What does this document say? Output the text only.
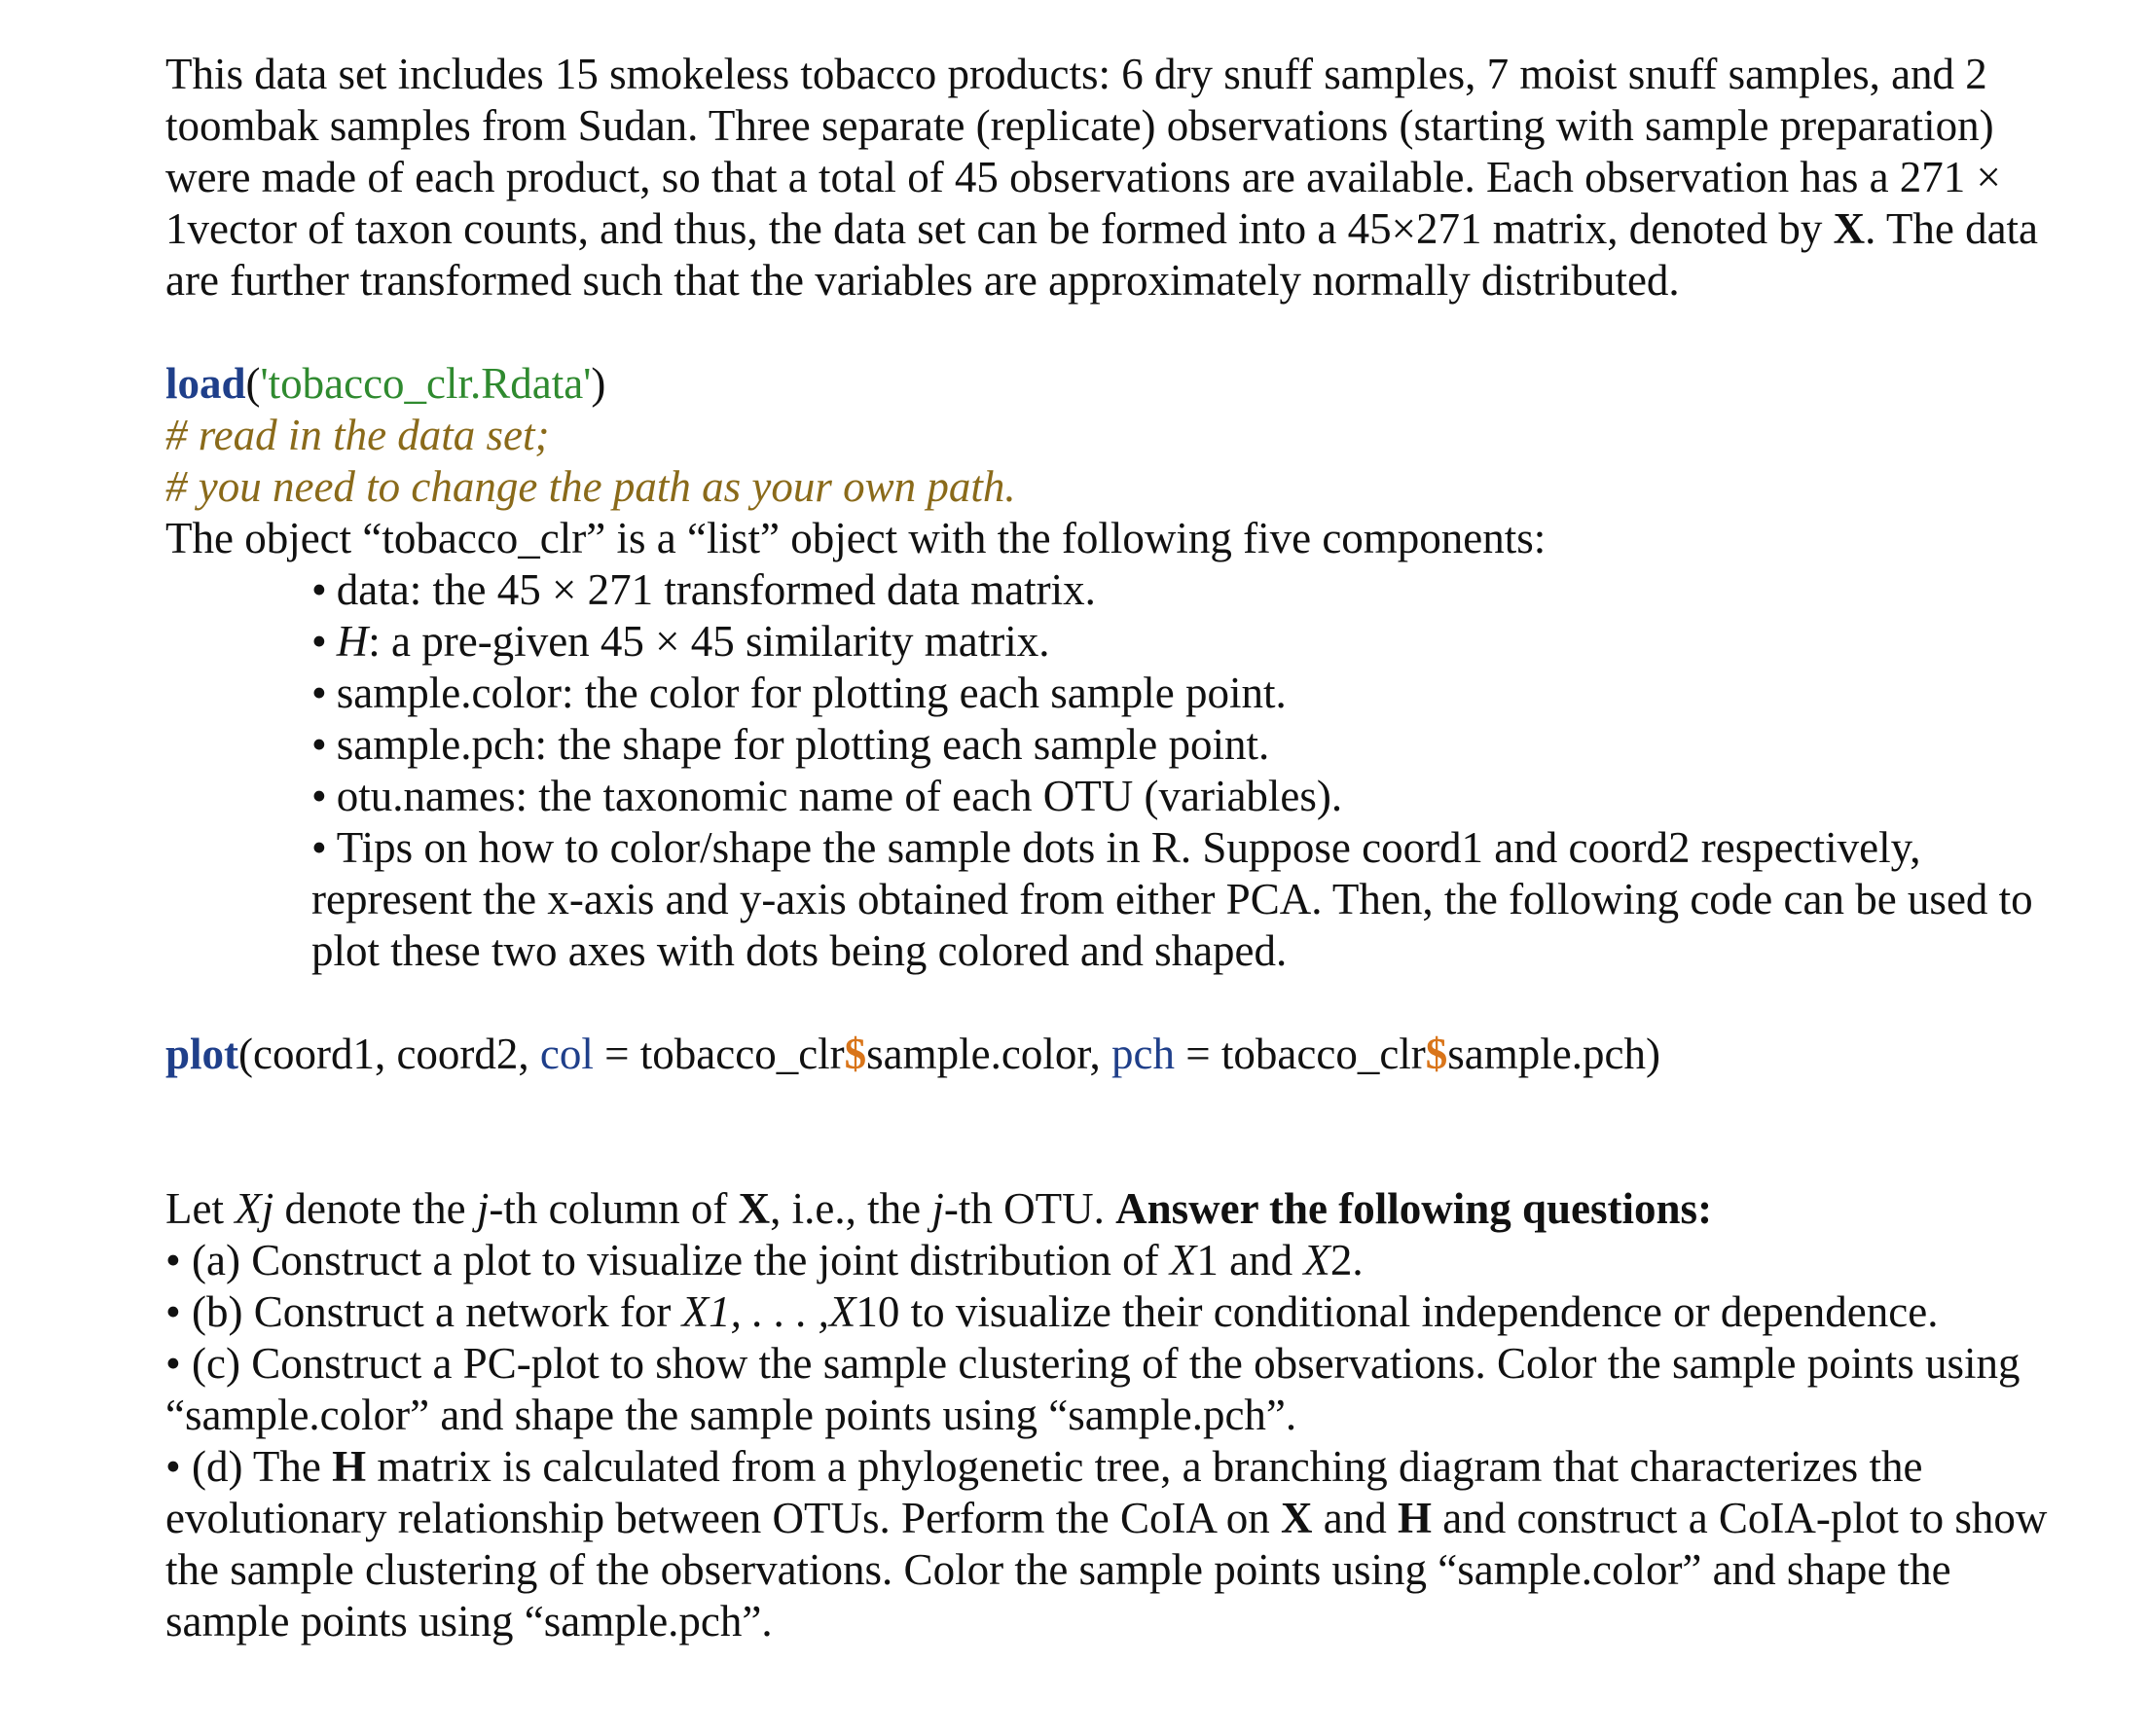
This data set includes 15 smokeless tobacco products: 6 dry snuff samples, 7 moist snuff samples, and 2 toombak samples from Sudan. Three separate (replicate) observations (starting with sample preparation) were made of each product, so that a total of 45 observations are available. Each observation has a 271 × 1vector of taxon counts, and thus, the data set can be formed into a 45×271 matrix, denoted by X. The data are further transformed such that the variables are approximately normally distributed.

load('tobacco_clr.Rdata')
# read in the data set;
# you need to change the path as your own path.

The object “tobacco_clr” is a “list” object with the following five components:

• data: the 45 × 271 transformed data matrix.
• H: a pre-given 45 × 45 similarity matrix.
• sample.color: the color for plotting each sample point.
• sample.pch: the shape for plotting each sample point.
• otu.names: the taxonomic name of each OTU (variables).
• Tips on how to color/shape the sample dots in R. Suppose coord1 and coord2 respectively, represent the x-axis and y-axis obtained from either PCA. Then, the following code can be used to plot these two axes with dots being colored and shaped.
plot(coord1, coord2, col = tobacco_clr$sample.color, pch = tobacco_clr$sample.pch)

Let Xj denote the j-th column of X, i.e., the j-th OTU. Answer the following questions:

• (a) Construct a plot to visualize the joint distribution of X1 and X2.
• (b) Construct a network for X1, . . . ,X10 to visualize their conditional independence or dependence.
• (c) Construct a PC-plot to show the sample clustering of the observations. Color the sample points using “sample.color” and shape the sample points using “sample.pch”.
• (d) The H matrix is calculated from a phylogenetic tree, a branching diagram that characterizes the evolutionary relationship between OTUs. Perform the CoIA on X and H and construct a CoIA-plot to show the sample clustering of the observations. Color the sample points using “sample.color” and shape the sample points using “sample.pch”.
